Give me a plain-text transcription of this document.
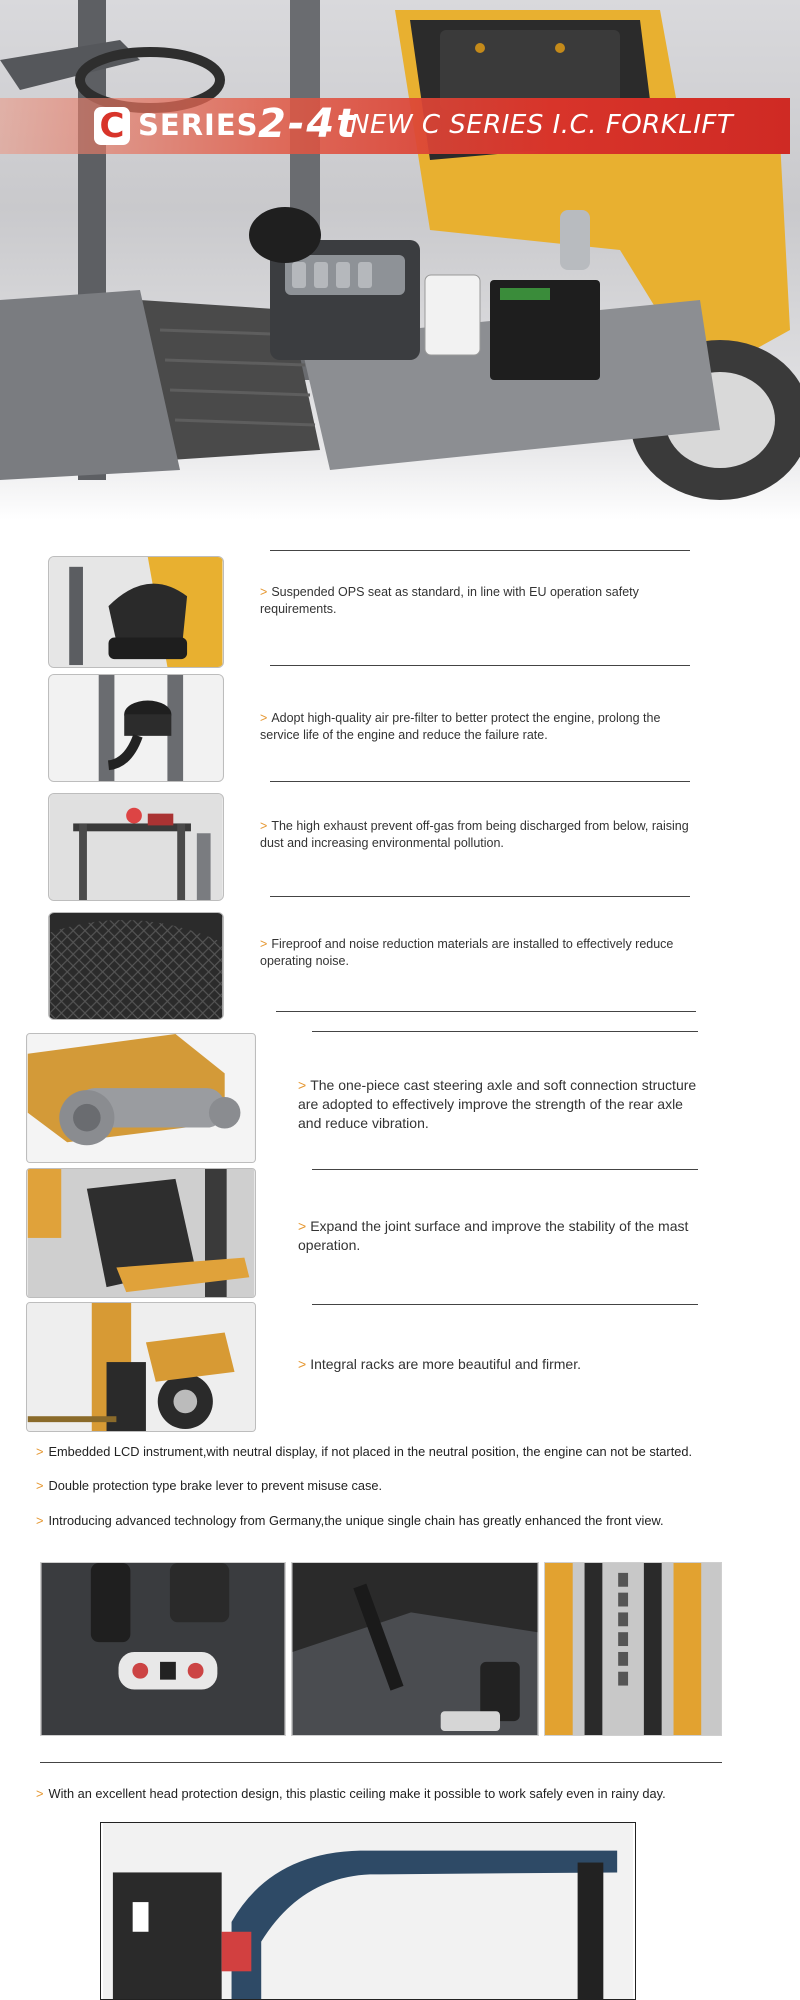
C SERIES 2-4t
NEW C SERIES I.C. FORKLIFT
> Suspended OPS seat as standard, in line with EU operation safety requirements.
> Adopt high-quality air pre-filter to better protect the engine, prolong the service life of the engine and reduce the failure rate.
> The high exhaust prevent off-gas from being discharged from below, raising dust and increasing environmental pollution.
> Fireproof and noise reduction materials are installed to effectively reduce operating noise.
> The one-piece cast steering axle and soft connection structure are adopted to effectively improve the strength of the rear axle and reduce vibration.
> Expand the joint surface and improve the stability of the mast operation.
> Integral racks are more beautiful and firmer.
> Embedded LCD instrument,with neutral display, if not placed in the neutral position, the engine can not be started.
> Double protection type brake lever to prevent misuse case.
> Introducing advanced technology from Germany,the unique single chain has greatly enhanced the front view.
> With an excellent head protection design, this plastic ceiling make it possible to work safely even in rainy day.
